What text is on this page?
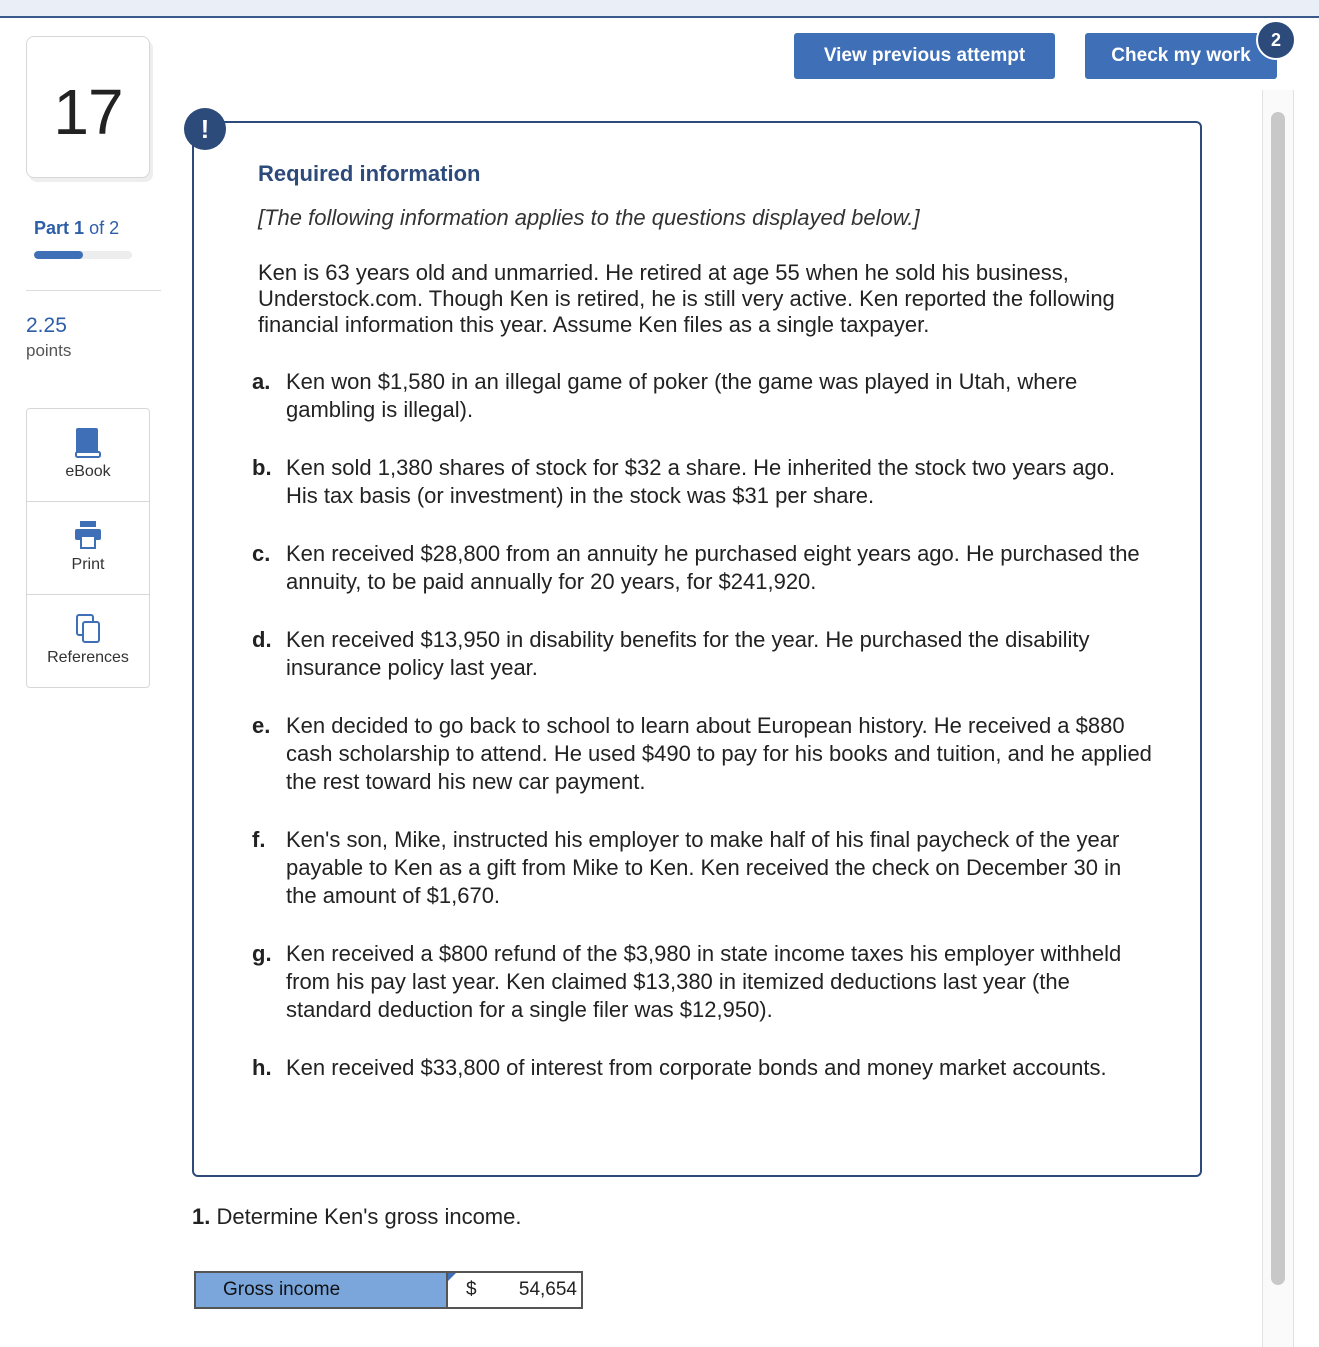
17
Part 1 of 2
2.25
points
eBook
Print
References
View previous attempt	Check my work
2
!
Required information
[The following information applies to the questions displayed below.]
Ken is 63 years old and unmarried. He retired at age 55 when he sold his business, Understock.com. Though Ken is retired, he is still very active. Ken reported the following financial information this year. Assume Ken files as a single taxpayer.
a. Ken won $1,580 in an illegal game of poker (the game was played in Utah, where gambling is illegal).
b. Ken sold 1,380 shares of stock for $32 a share. He inherited the stock two years ago. His tax basis (or investment) in the stock was $31 per share.
c. Ken received $28,800 from an annuity he purchased eight years ago. He purchased the annuity, to be paid annually for 20 years, for $241,920.
d. Ken received $13,950 in disability benefits for the year. He purchased the disability insurance policy last year.
e. Ken decided to go back to school to learn about European history. He received a $880 cash scholarship to attend. He used $490 to pay for his books and tuition, and he applied the rest toward his new car payment.
f. Ken's son, Mike, instructed his employer to make half of his final paycheck of the year payable to Ken as a gift from Mike to Ken. Ken received the check on December 30 in the amount of $1,670.
g. Ken received a $800 refund of the $3,980 in state income taxes his employer withheld from his pay last year. Ken claimed $13,380 in itemized deductions last year (the standard deduction for a single filer was $12,950).
h. Ken received $33,800 of interest from corporate bonds and money market accounts.
1. Determine Ken's gross income.
Gross income	$ 54,654
